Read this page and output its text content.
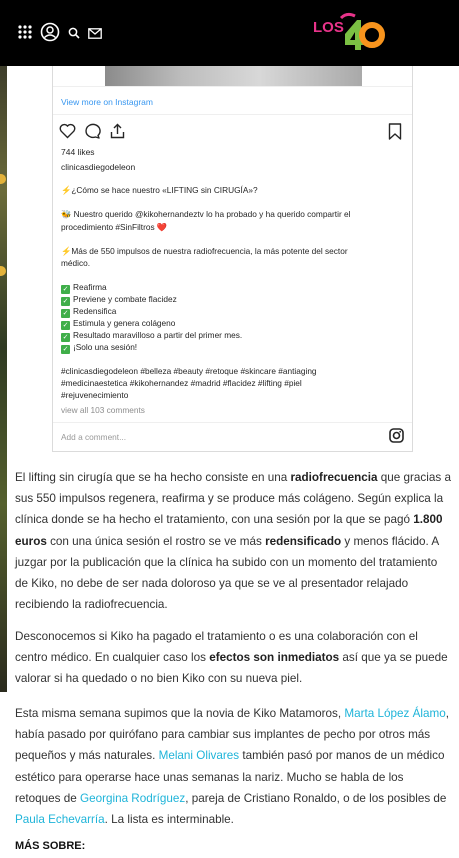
LOS
View more on Instagram
744 likes
clinicasdiegodeleon
⚡️¿Cómo se hace nuestro «LIFTING sin CIRUGÍA»?
🐝 Nuestro querido @kikohernandeztv lo ha probado y ha querido compartir el
procedimiento #SinFiltros ❤️
⚡️Más de 550 impulsos de nuestra radiofrecuencia, la más potente del sector
médico.
✓ Reafirma
✓ Previene y combate flacidez
✓ Redensifica
✓ Estimula y genera colágeno
✓ Resultado maravilloso a partir del primer mes.
✓ ¡Solo una sesión!
#clinicasdiegodeleon #belleza #beauty #retoque #skincare #antiaging
#medicinaestetica #kikohernandez #madrid #flacidez #lifting #piel
#rejuvenecimiento
view all 103 comments
Add a comment...

El lifting sin cirugía que se ha hecho consiste en una radiofrecuencia que gracias a sus 550 impulsos regenera, reafirma y se produce más colágeno. Según explica la clínica donde se ha hecho el tratamiento, con una sesión por la que se pagó 1.800 euros con una única sesión el rostro se ve más redensificado y menos flácido. A juzgar por la publicación que la clínica ha subido con un momento del tratamiento de Kiko, no debe de ser nada doloroso ya que se ve al presentador relajado recibiendo la radiofrecuencia.

Desconocemos si Kiko ha pagado el tratamiento o es una colaboración con el centro médico. En cualquier caso los efectos son inmediatos así que ya se puede valorar si ha quedado o no bien Kiko con su nueva piel.

Esta misma semana supimos que la novia de Kiko Matamoros, Marta López Álamo, había pasado por quirófano para cambiar sus implantes de pecho por otros más pequeños y más naturales. Melani Olivares también pasó por manos de un médico estético para operarse hace unas semanas la nariz. Mucho se habla de los retoques de Georgina Rodríguez, pareja de Cristiano Ronaldo, o de los posibles de Paula Echevarría. La lista es interminable.

MÁS SOBRE:
